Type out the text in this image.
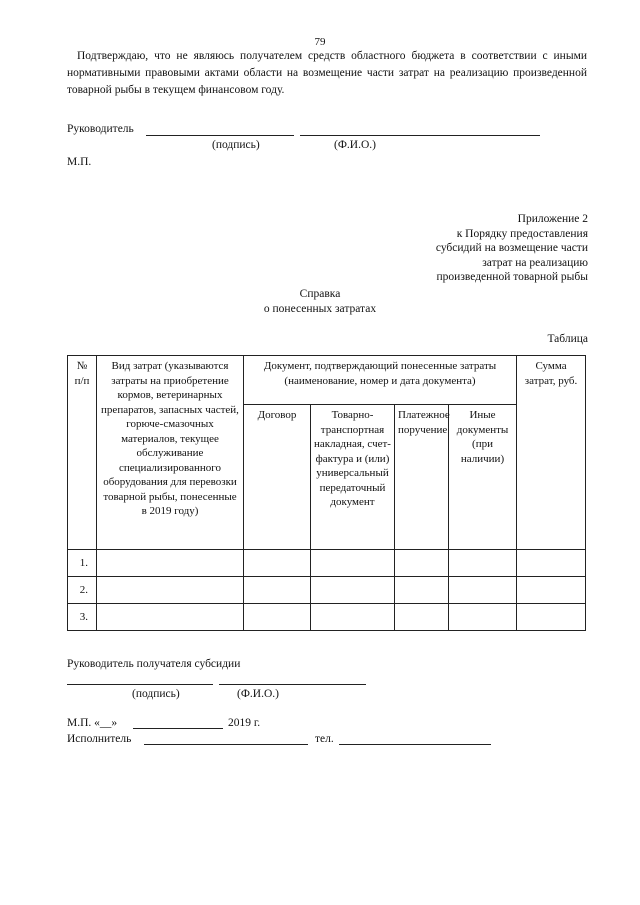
79
Подтверждаю, что не являюсь получателем средств областного бюджета в соответствии с иными нормативными правовыми актами области на возмещение части затрат на реализацию произведенной товарной рыбы в текущем финансовом году.
Руководитель
(подпись)	(Ф.И.О.)
М.П.
Приложение 2
к Порядку предоставления
субсидий на возмещение части
затрат на реализацию
произведенной товарной рыбы
Справка
о понесенных затратах
Таблица
№ п/п	Вид затрат (указываются затраты на приобретение кормов, ветеринарных препаратов, запасных частей, горюче-смазочных материалов, текущее обслуживание специализированного оборудования для перевозки товарной рыбы, понесенные в 2019 году)	Документ, подтверждающий понесенные затраты (наименование, номер и дата документа)				Сумма затрат, руб.
		Договор	Товарно-транспортная накладная, счет-фактура и (или) универсальный передаточный документ	Платежное поручение	Иные документы (при наличии)	
1.						
2.						
3.						
Руководитель получателя субсидии
(подпись)	(Ф.И.О.)
М.П. «__»	2019 г.
Исполнитель	тел.
